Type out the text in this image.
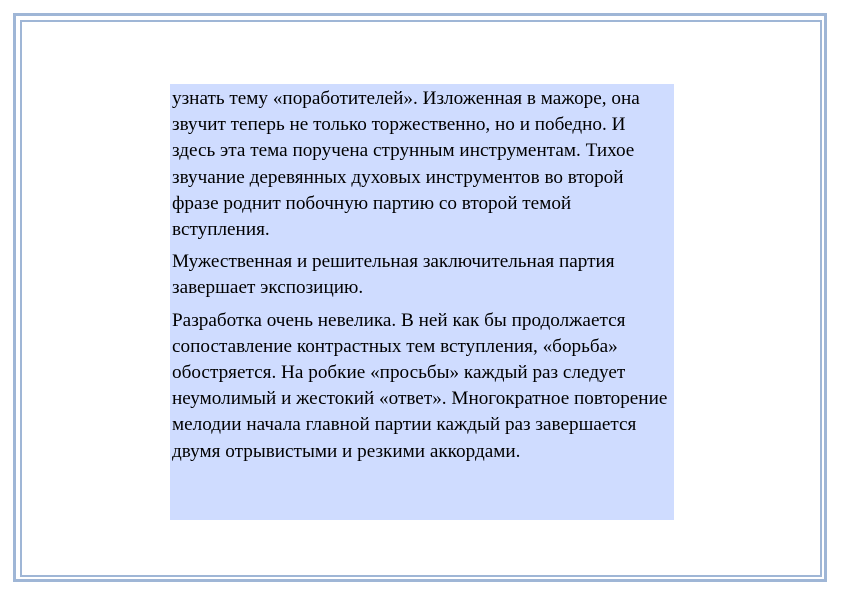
узнать тему «поработителей». Изложенная в мажоре, она звучит теперь не только торжественно, но и победно. И здесь эта тема поручена струнным инструментам. Тихое звучание деревянных духовых инструментов во второй фразе роднит побочную партию со второй темой вступления.

Мужественная и решительная заключительная партия завершает экспозицию.

Разработка очень невелика. В ней как бы продолжается сопоставление контрастных тем вступления, «борьба» обостряется. На робкие «просьбы» каждый раз следует неумолимый и жестокий «ответ». Многократное повторение мелодии начала главной партии каждый раз завершается двумя отрывистыми и резкими аккордами.
